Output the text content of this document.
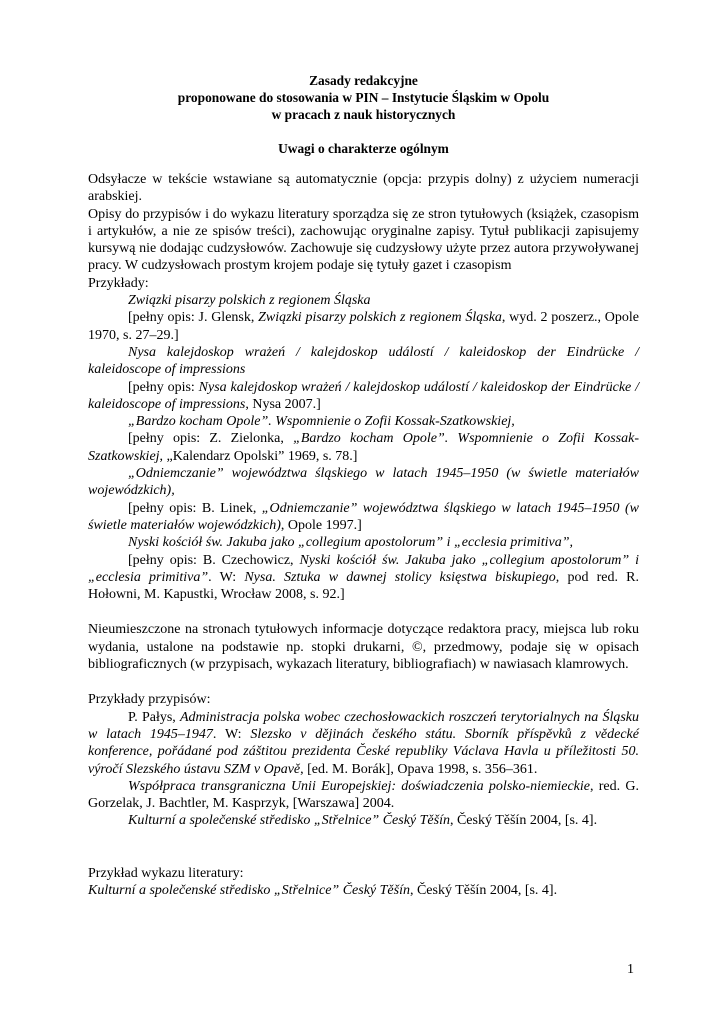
Zasady redakcyjne
proponowane do stosowania w PIN – Instytucie Śląskim w Opolu
w pracach z nauk historycznych
Uwagi o charakterze ogólnym

Odsyłacze w tekście wstawiane są automatycznie (opcja: przypis dolny) z użyciem numeracji arabskiej.

Opisy do przypisów i do wykazu literatury sporządza się ze stron tytułowych (książek, czasopism i artykułów, a nie ze spisów treści), zachowując oryginalne zapisy. Tytuł publikacji zapisujemy kursywą nie dodając cudzysłowów. Zachowuje się cudzysłowy użyte przez autora przywoływanej pracy. W cudzysłowach prostym krojem podaje się tytuły gazet i czasopism

Przykłady:

Związki pisarzy polskich z regionem Śląska

[pełny opis: J. Glensk, Związki pisarzy polskich z regionem Śląska, wyd. 2 poszerz., Opole 1970, s. 27–29.]

Nysa kalejdoskop wrażeń / kalejdoskop událostí / kaleidoskop der Eindrücke / kaleidoscope of impressions

[pełny opis: Nysa kalejdoskop wrażeń / kalejdoskop událostí / kaleidoskop der Eindrücke / kaleidoscope of impressions, Nysa 2007.]

„Bardzo kocham Opole”. Wspomnienie o Zofii Kossak-Szatkowskiej,

[pełny opis: Z. Zielonka, „Bardzo kocham Opole”. Wspomnienie o Zofii Kossak-Szatkowskiej, „Kalendarz Opolski” 1969, s. 78.]

„Odniemczanie” województwa śląskiego w latach 1945–1950 (w świetle materiałów wojewódzkich),

[pełny opis: B. Linek, „Odniemczanie” województwa śląskiego w latach 1945–1950 (w świetle materiałów wojewódzkich), Opole 1997.]

Nyski kościół św. Jakuba jako „collegium apostolorum” i „ecclesia primitiva”,

[pełny opis: B. Czechowicz, Nyski kościół św. Jakuba jako „collegium apostolorum” i „ecclesia primitiva”. W: Nysa. Sztuka w dawnej stolicy księstwa biskupiego, pod red. R. Hołowni, M. Kapustki, Wrocław 2008, s. 92.]

Nieumieszczone na stronach tytułowych informacje dotyczące redaktora pracy, miejsca lub roku wydania, ustalone na podstawie np. stopki drukarni, ©, przedmowy, podaje się w opisach bibliograficznych (w przypisach, wykazach literatury, bibliografiach) w nawiasach klamrowych.

Przykłady przypisów:

P. Pałys, Administracja polska wobec czechosłowackich roszczeń terytorialnych na Śląsku w latach 1945–1947. W: Slezsko v dějinách českého státu. Sborník příspěvků z vědecké konference, pořádané pod záštitou prezidenta České republiky Václava Havla u příležitosti 50. výročí Slezského ústavu SZM v Opavě, [ed. M. Borák], Opava 1998, s. 356–361.

Współpraca transgraniczna Unii Europejskiej: doświadczenia polsko-niemieckie, red. G. Gorzelak, J. Bachtler, M. Kasprzyk, [Warszawa] 2004.

Kulturní a společenské středisko „Střelnice” Český Těšín, Český Těšín 2004, [s. 4].

Przykład wykazu literatury:

Kulturní a společenské středisko „Střelnice” Český Těšín, Český Těšín 2004, [s. 4].

1
